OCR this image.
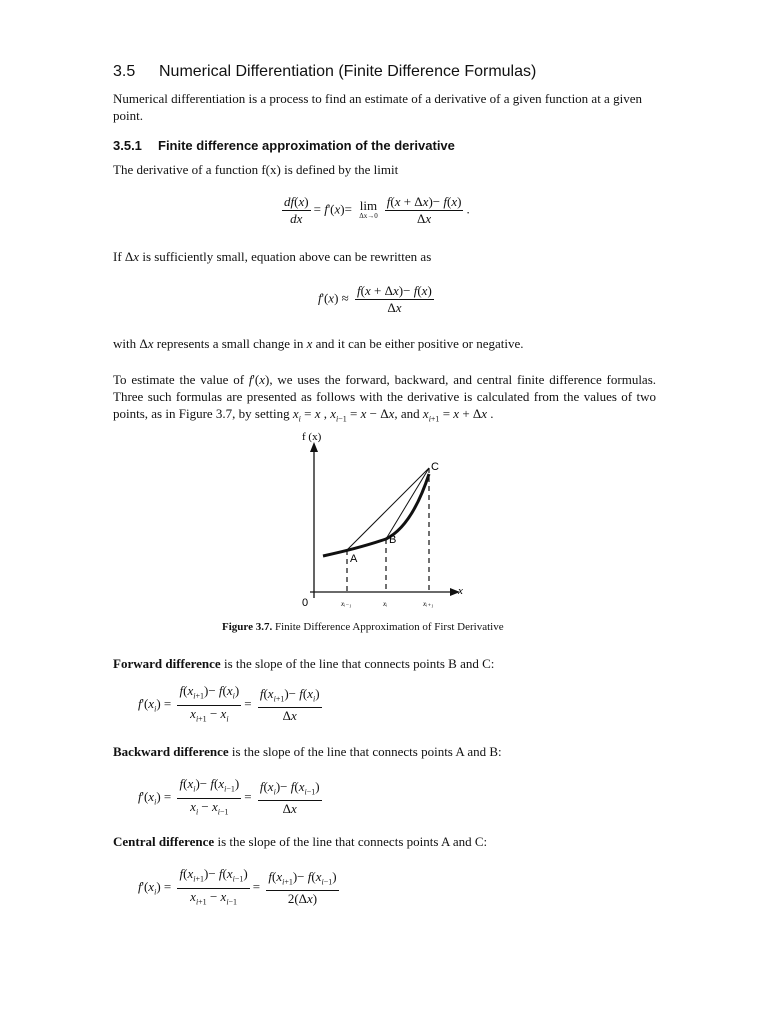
3.5 Numerical Differentiation (Finite Difference Formulas)
Numerical differentiation is a process to find an estimate of a derivative of a given function at a given point.
3.5.1 Finite difference approximation of the derivative
The derivative of a function f(x) is defined by the limit
$\frac{df(x)}{dx} = f'(x)= \lim$
$\Delta x\to 0 \frac{f(x + \Delta x)- f(x)}{\Delta x}$ .
If Δx is sufficiently small, equation above can be rewritten as
$f'(x) \approx \frac{f(x + \Delta x)- f(x)}{\Delta x}$
with Δx represents a small change in x and it can be either positive or negative.
To estimate the value of f'(x), we uses the forward, backward, and central finite difference formulas. Three such formulas are presented as follows with the derivative is calculated from the values of two points, as in Figure 3.7, by setting $x_i = x$ , $x_{i-1} = x - \Delta x$, and $x_{i+1} = x + \Delta x$ .
f (x)
x
0
A
B
C
xᵢ₋₁	xᵢ	xᵢ₊₁
Figure 3.7. Finite Difference Approximation of First Derivative
Forward difference is the slope of the line that connects points B and C:
$f'(x_i) = \frac{f(x_{i+1})- f(x_i)}{x_{i+1} - x_i} = \frac{f(x_{i+1})- f(x_i)}{\Delta x}$
Backward difference is the slope of the line that connects points A and B:
$f'(x_i) = \frac{f(x_i)- f(x_{i-1})}{x_i - x_{i-1}} = \frac{f(x_i)- f(x_{i-1})}{\Delta x}$
Central difference is the slope of the line that connects points A and C:
$f'(x_i) = \frac{f(x_{i+1})- f(x_{i-1})}{x_{i+1} - x_{i-1}} = \frac{f(x_{i+1})- f(x_{i-1})}{2(\Delta x)}$
